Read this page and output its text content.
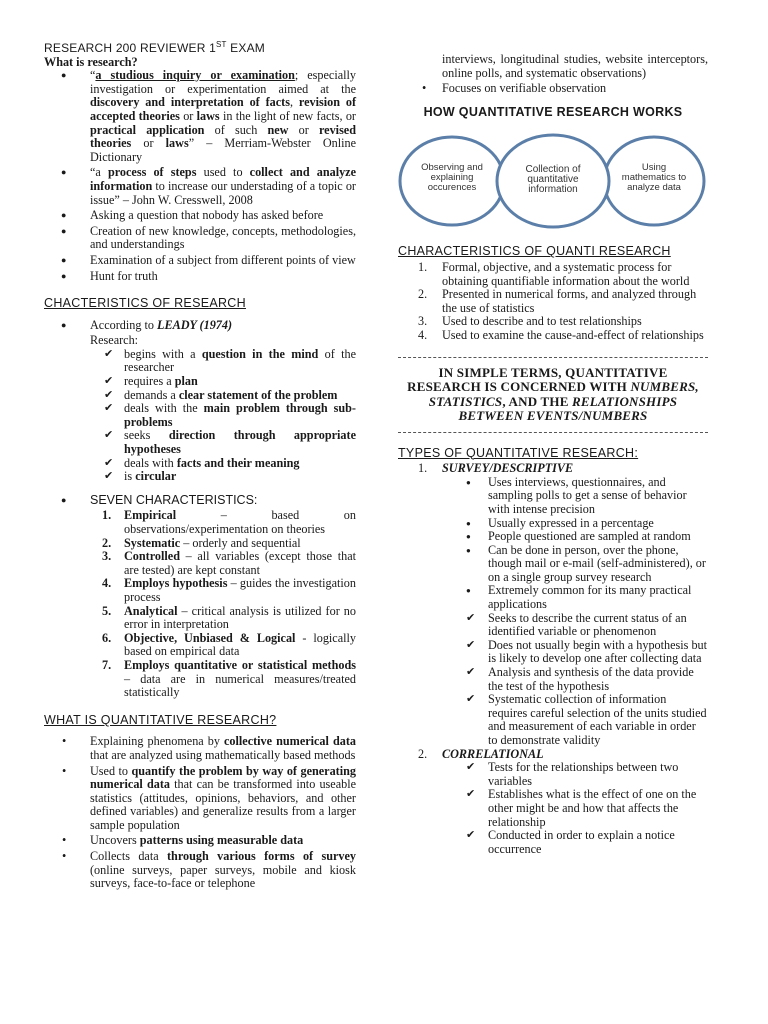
RESEARCH 200 REVIEWER 1ST EXAM
What is research?
● “a studious inquiry or examination; especially investigation or experimentation aimed at the discovery and interpretation of facts, revision of accepted theories or laws in the light of new facts, or practical application of such new or revised theories or laws” – Merriam-Webster Online Dictionary
● “a process of steps used to collect and analyze information to increase our understading of a topic or issue” – John W. Cresswell, 2008
● Asking a question that nobody has asked before
● Creation of new knowledge, concepts, methodologies, and understandings
● Examination of a subject from different points of view
● Hunt for truth
CHACTERISTICS OF RESEARCH
● According to LEADY (1974)
Research:
✔ begins with a question in the mind of the researcher
✔ requires a plan
✔ demands a clear statement of the problem
✔ deals with the main problem through sub-problems
✔ seeks direction through appropriate hypotheses
✔ deals with facts and their meaning
✔ is circular
● SEVEN CHARACTERISTICS:
1. Empirical – based on observations/experimentation on theories
2. Systematic – orderly and sequential
3. Controlled – all variables (except those that are tested) are kept constant
4. Employs hypothesis – guides the investigation process
5. Analytical – critical analysis is utilized for no error in interpretation
6. Objective, Unbiased & Logical - logically based on empirical data
7. Employs quantitative or statistical methods – data are in numerical measures/treated statistically
WHAT IS QUANTITATIVE RESEARCH?
• Explaining phenomena by collective numerical data that are analyzed using mathematically based methods
• Used to quantify the problem by way of generating numerical data that can be transformed into useable statistics (attitudes, opinions, behaviors, and other defined variables) and generalize results from a larger sample population
• Uncovers patterns using measurable data
• Collects data through various forms of survey (online surveys, paper surveys, mobile and kiosk surveys, face-to-face or telephone
interviews, longitudinal studies, website interceptors, online polls, and systematic observations)
• Focuses on verifiable observation
HOW QUANTITATIVE RESEARCH WORKS
Observing and explaining occurences
Collection of quantitative information
Using mathematics to analyze data
CHARACTERISTICS OF QUANTI RESEARCH
1. Formal, objective, and a systematic process for obtaining quantifiable information about the world
2. Presented in numerical forms, and analyzed through the use of statistics
3. Used to describe and to test relationships
4. Used to examine the cause-and-effect of relationships
IN SIMPLE TERMS, QUANTITATIVE
RESEARCH IS CONCERNED WITH NUMBERS,
STATISTICS, AND THE RELATIONSHIPS
BETWEEN EVENTS/NUMBERS
TYPES OF QUANTITATIVE RESEARCH:
1. SURVEY/DESCRIPTIVE
● Uses interviews, questionnaires, and sampling polls to get a sense of behavior with intense precision
● Usually expressed in a percentage
● People questioned are sampled at random
● Can be done in person, over the phone, though mail or e-mail (self-administered), or on a single group survey research
● Extremely common for its many practical applications
✔ Seeks to describe the current status of an identified variable or phenomenon
✔ Does not usually begin with a hypothesis but is likely to develop one after collecting data
✔ Analysis and synthesis of the data provide the test of the hypothesis
✔ Systematic collection of information requires careful selection of the units studied and measurement of each variable in order to demonstrate validity
2. CORRELATIONAL
✔ Tests for the relationships between two variables
✔ Establishes what is the effect of one on the other might be and how that affects the relationship
✔ Conducted in order to explain a notice occurrence
